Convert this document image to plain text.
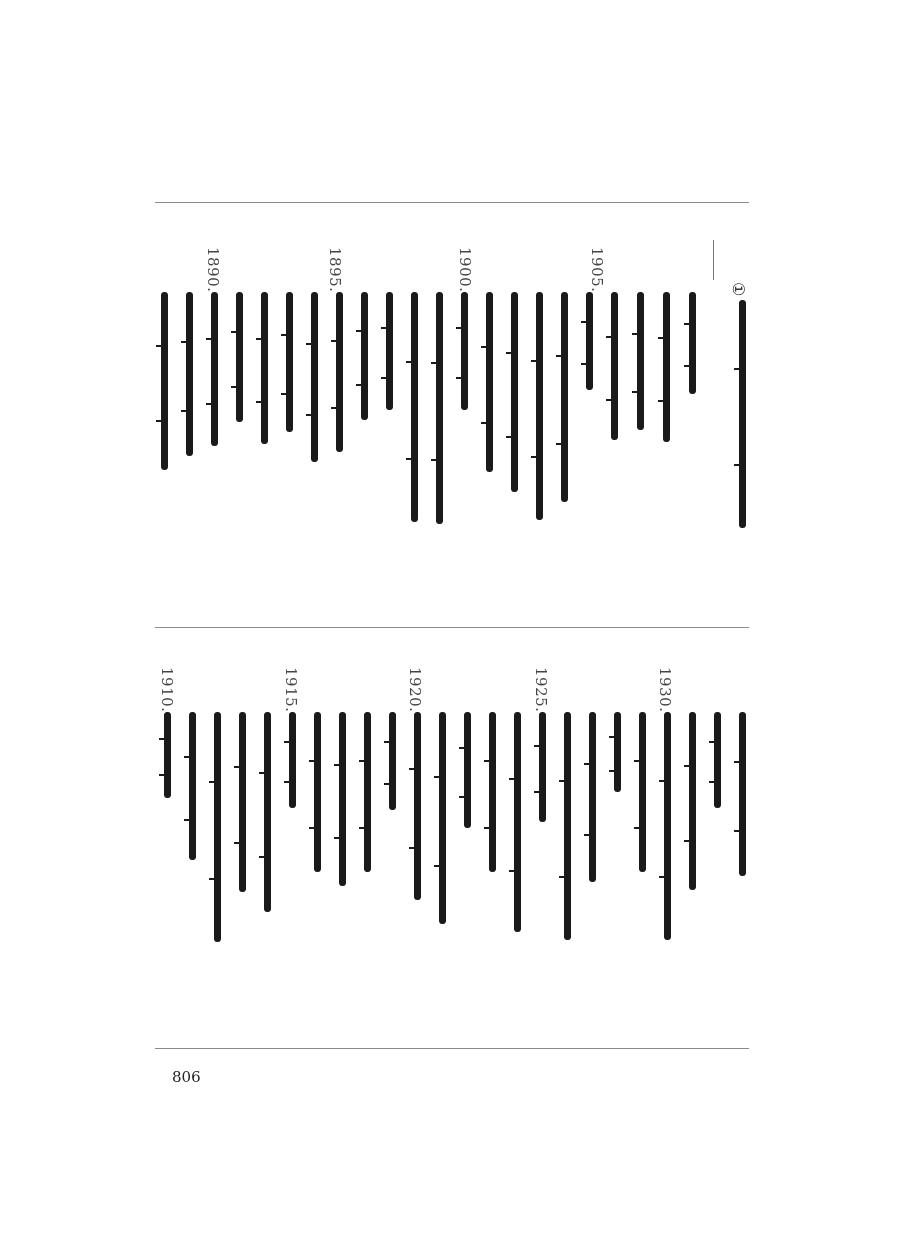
①
1905.
1900.
1895.
1890.
1930.
1925.
1920.
1915.
1910.
806
